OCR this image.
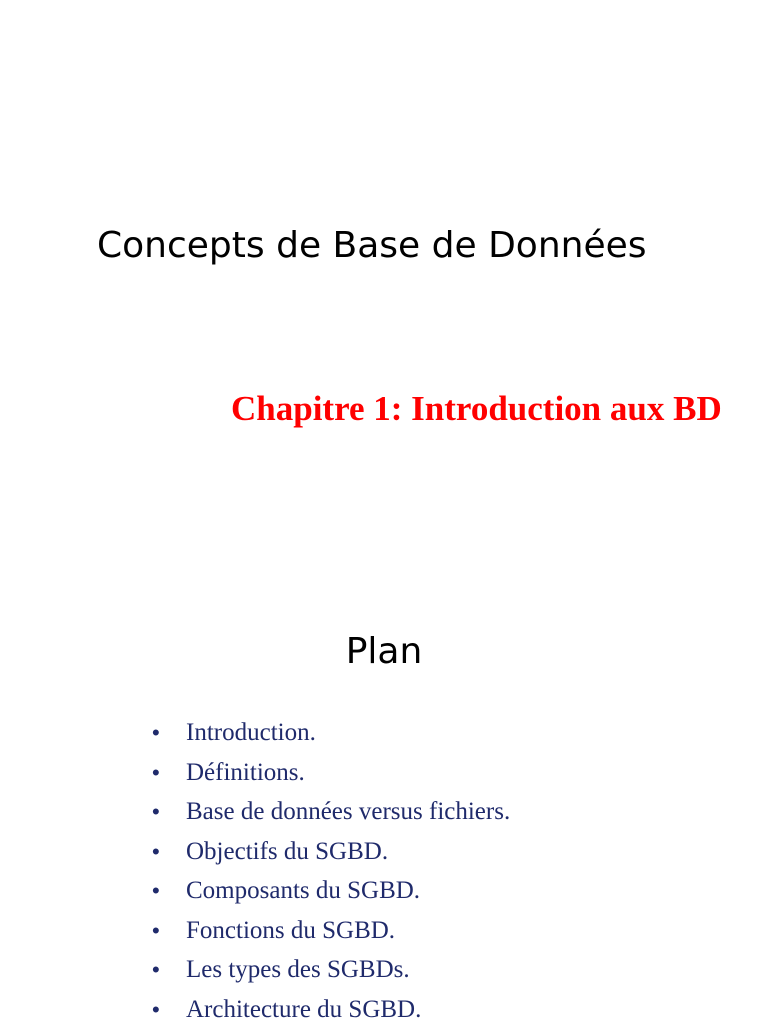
Concepts de Base de Données
Chapitre 1: Introduction aux BD
Plan
• Introduction.
• Définitions.
• Base de données versus fichiers.
• Objectifs du SGBD.
• Composants du SGBD.
• Fonctions du SGBD.
• Les types des SGBDs.
• Architecture du SGBD.
